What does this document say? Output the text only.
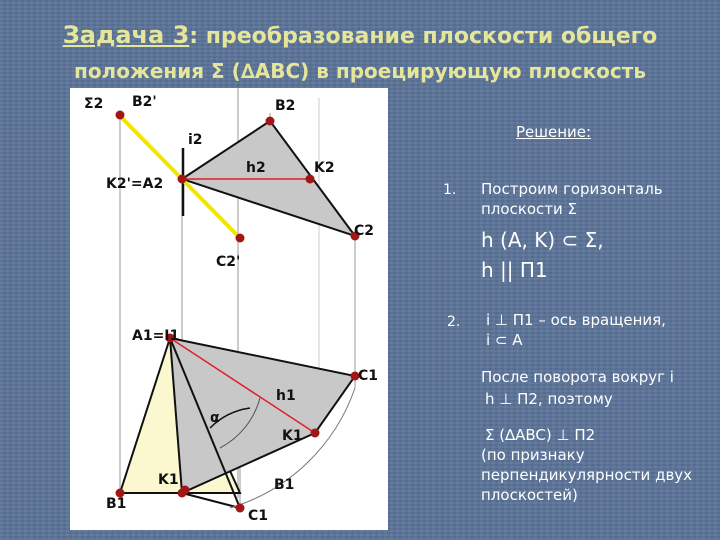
Задача 3: преобразование плоскости общего
положения Σ (∆ABC) в проецирующую плоскость
Σ2 B2'	B2
i2
h2	K2
K2'=A2
C2
C2'
A1=I1
C1
h1
α
K1
K1'	B1
B1
C1
Решение:
1. Построим горизонталь
плоскости Σ
h (A, K) ⊂ Σ,
h || П1
2. i ⊥ П1 – ось вращения,
i ⊂ A
После поворота вокруг i
h ⊥ П2, поэтому
Σ (∆ABC) ⊥ П2
(по признаку
перпендикулярности двух
плоскостей)
